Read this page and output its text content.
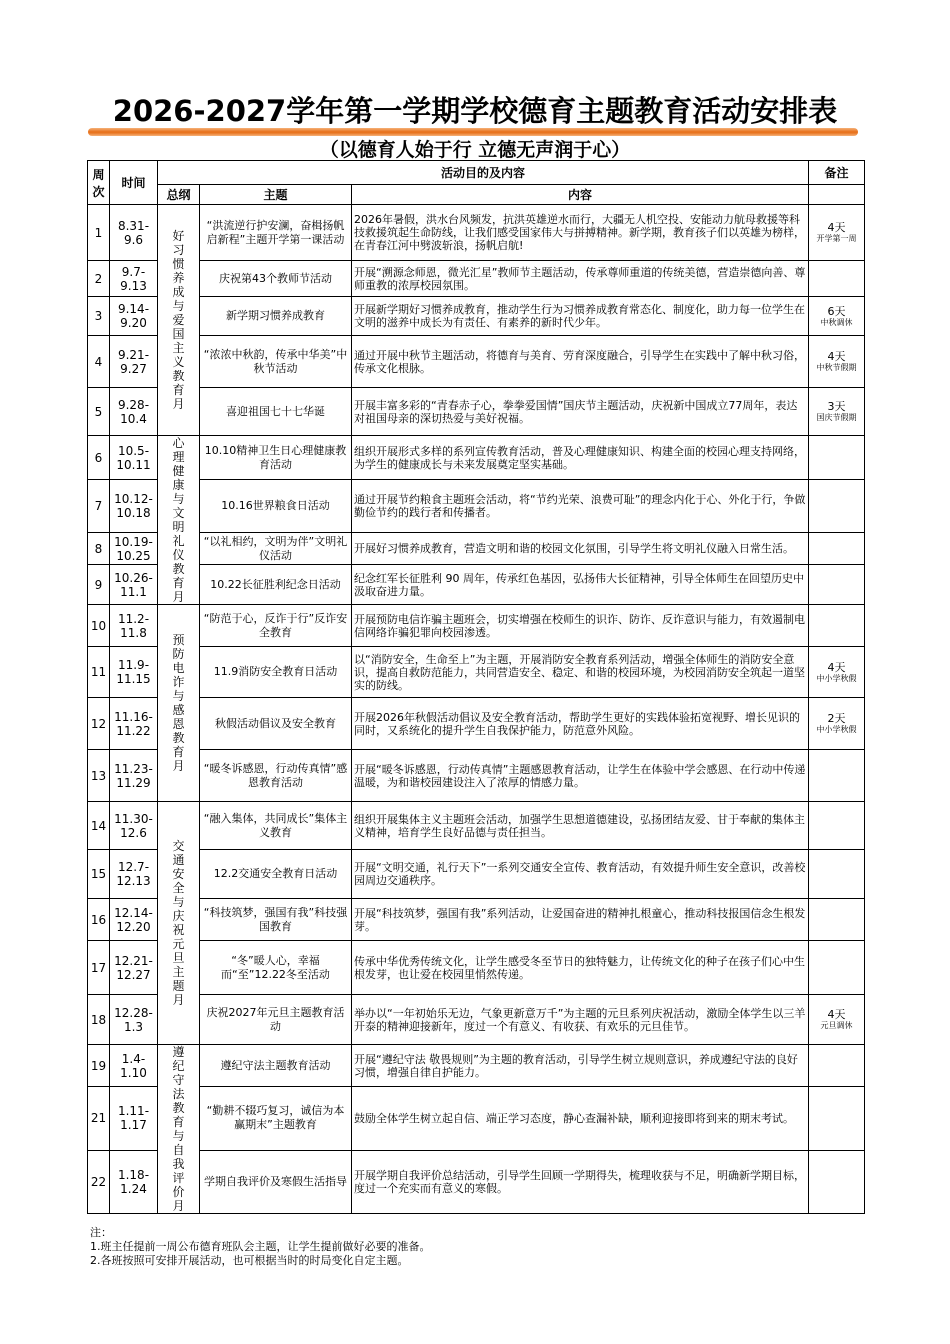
2026-2027学年第一学期学校德育主题教育活动安排表
（以德育人始于行 立德无声润于心）
周次	时间	活动目的及内容			备注
		总纲	主题	内容	
1	8.31-9.6	好习惯养成与爱国主义教育月	“洪流逆行护安澜，奋楫扬帆启新程”主题开学第一课活动	2026年暑假，洪水台风频发，抗洪英雄逆水而行，大疆无人机空投、安能动力航母救援等科技救援筑起生命防线，让我们感受国家伟大与拼搏精神。新学期，教育孩子们以英雄为榜样，在青春江河中劈波斩浪，扬帆启航!	4天
开学第一周

2	9.7-9.13		庆祝第43个教师节活动	开展“溯源念师恩，微光汇星”教师节主题活动，传承尊师重道的传统美德，营造崇德向善、尊师重教的浓厚校园氛围。	

3	9.14-9.20		新学期习惯养成教育	开展新学期好习惯养成教育，推动学生行为习惯养成教育常态化、制度化，助力每一位学生在文明的滋养中成长为有责任、有素养的新时代少年。	6天
中秋调休

4	9.21-9.27		“浓浓中秋韵，传承中华美”中秋节活动	通过开展中秋节主题活动，将德育与美育、劳育深度融合，引导学生在实践中了解中秋习俗，传承文化根脉。	4天
中秋节假期

5	9.28-10.4		喜迎祖国七十七华诞	开展丰富多彩的“青春赤子心，拳拳爱国情”国庆节主题活动，庆祝新中国成立77周年，表达对祖国母亲的深切热爱与美好祝福。	3天
国庆节假期

6	10.5-10.11	心理健康与文明礼仪教育月	10.10精神卫生日心理健康教育活动	组织开展形式多样的系列宣传教育活动，普及心理健康知识、构建全面的校园心理支持网络，为学生的健康成长与未来发展奠定坚实基础。	

7	10.12-10.18		10.16世界粮食日活动	通过开展节约粮食主题班会活动，将“节约光荣、浪费可耻”的理念内化于心、外化于行，争做勤俭节约的践行者和传播者。	

8	10.19-10.25		“以礼相约，文明为伴”文明礼仪活动	开展好习惯养成教育，营造文明和谐的校园文化氛围，引导学生将文明礼仪融入日常生活。	

9	10.26-11.1		10.22长征胜利纪念日活动	纪念红军长征胜利 90 周年，传承红色基因，弘扬伟大长征精神，引导全体师生在回望历史中汲取奋进力量。	

10	11.2-11.8	预防电诈与感恩教育月	“防范于心，反诈于行”反诈安全教育	开展预防电信诈骗主题班会，切实增强在校师生的识诈、防诈、反诈意识与能力，有效遏制电信网络诈骗犯罪向校园渗透。	

11	11.9-11.15		11.9消防安全教育日活动	以“消防安全，生命至上”为主题，开展消防安全教育系列活动，增强全体师生的消防安全意识，提高自救防范能力，共同营造安全、稳定、和谐的校园环境，为校园消防安全筑起一道坚实的防线。	4天
中小学秋假

12	11.16-11.22		秋假活动倡议及安全教育	开展2026年秋假活动倡议及安全教育活动，帮助学生更好的实践体验拓宽视野、增长见识的同时，又系统化的提升学生自我保护能力，防范意外风险。	2天
中小学秋假

13	11.23-11.29		“暖冬诉感恩，行动传真情”感恩教育活动	开展“暖冬诉感恩，行动传真情”主题感恩教育活动，让学生在体验中学会感恩、在行动中传递温暖，为和谐校园建设注入了浓厚的情感力量。	

14	11.30-12.6	交通安全与庆祝元旦主题月	“融入集体，共同成长”集体主义教育	组织开展集体主义主题班会活动，加强学生思想道德建设，弘扬团结友爱、甘于奉献的集体主义精神，培育学生良好品德与责任担当。	

15	12.7-12.13		12.2交通安全教育日活动	开展“文明交通，礼行天下”一系列交通安全宣传、教育活动，有效提升师生安全意识，改善校园周边交通秩序。	

16	12.14-12.20		“科技筑梦，强国有我”科技强国教育	开展“科技筑梦，强国有我”系列活动，让爱国奋进的精神扎根童心，推动科技报国信念生根发芽。	

17	12.21-12.27		“冬”暖人心，幸福而“至”12.22冬至活动	传承中华优秀传统文化，让学生感受冬至节日的独特魅力，让传统文化的种子在孩子们心中生根发芽，也让爱在校园里悄然传递。	

18	12.28-1.3		庆祝2027年元旦主题教育活动	举办以“一年初始乐无边，气象更新意万千”为主题的元旦系列庆祝活动，激励全体学生以三羊开泰的精神迎接新年，度过一个有意义、有收获、有欢乐的元旦佳节。	4天
元旦调休

19	1.4-1.10	遵纪守法教育与自我评价月	遵纪守法主题教育活动	开展“遵纪守法 敬畏规则”为主题的教育活动，引导学生树立规则意识，养成遵纪守法的良好习惯，增强自律自护能力。	

21	1.11-1.17		“勤耕不辍巧复习，诚信为本赢期末”主题教育	鼓励全体学生树立起自信、端正学习态度，静心查漏补缺，顺利迎接即将到来的期末考试。	

22	1.18-1.24		学期自我评价及寒假生活指导	开展学期自我评价总结活动，引导学生回顾一学期得失，梳理收获与不足，明确新学期目标，度过一个充实而有意义的寒假。	
注：
1.班主任提前一周公布德育班队会主题，让学生提前做好必要的准备。
2.各班按照可安排开展活动，也可根据当时的时局变化自定主题。
